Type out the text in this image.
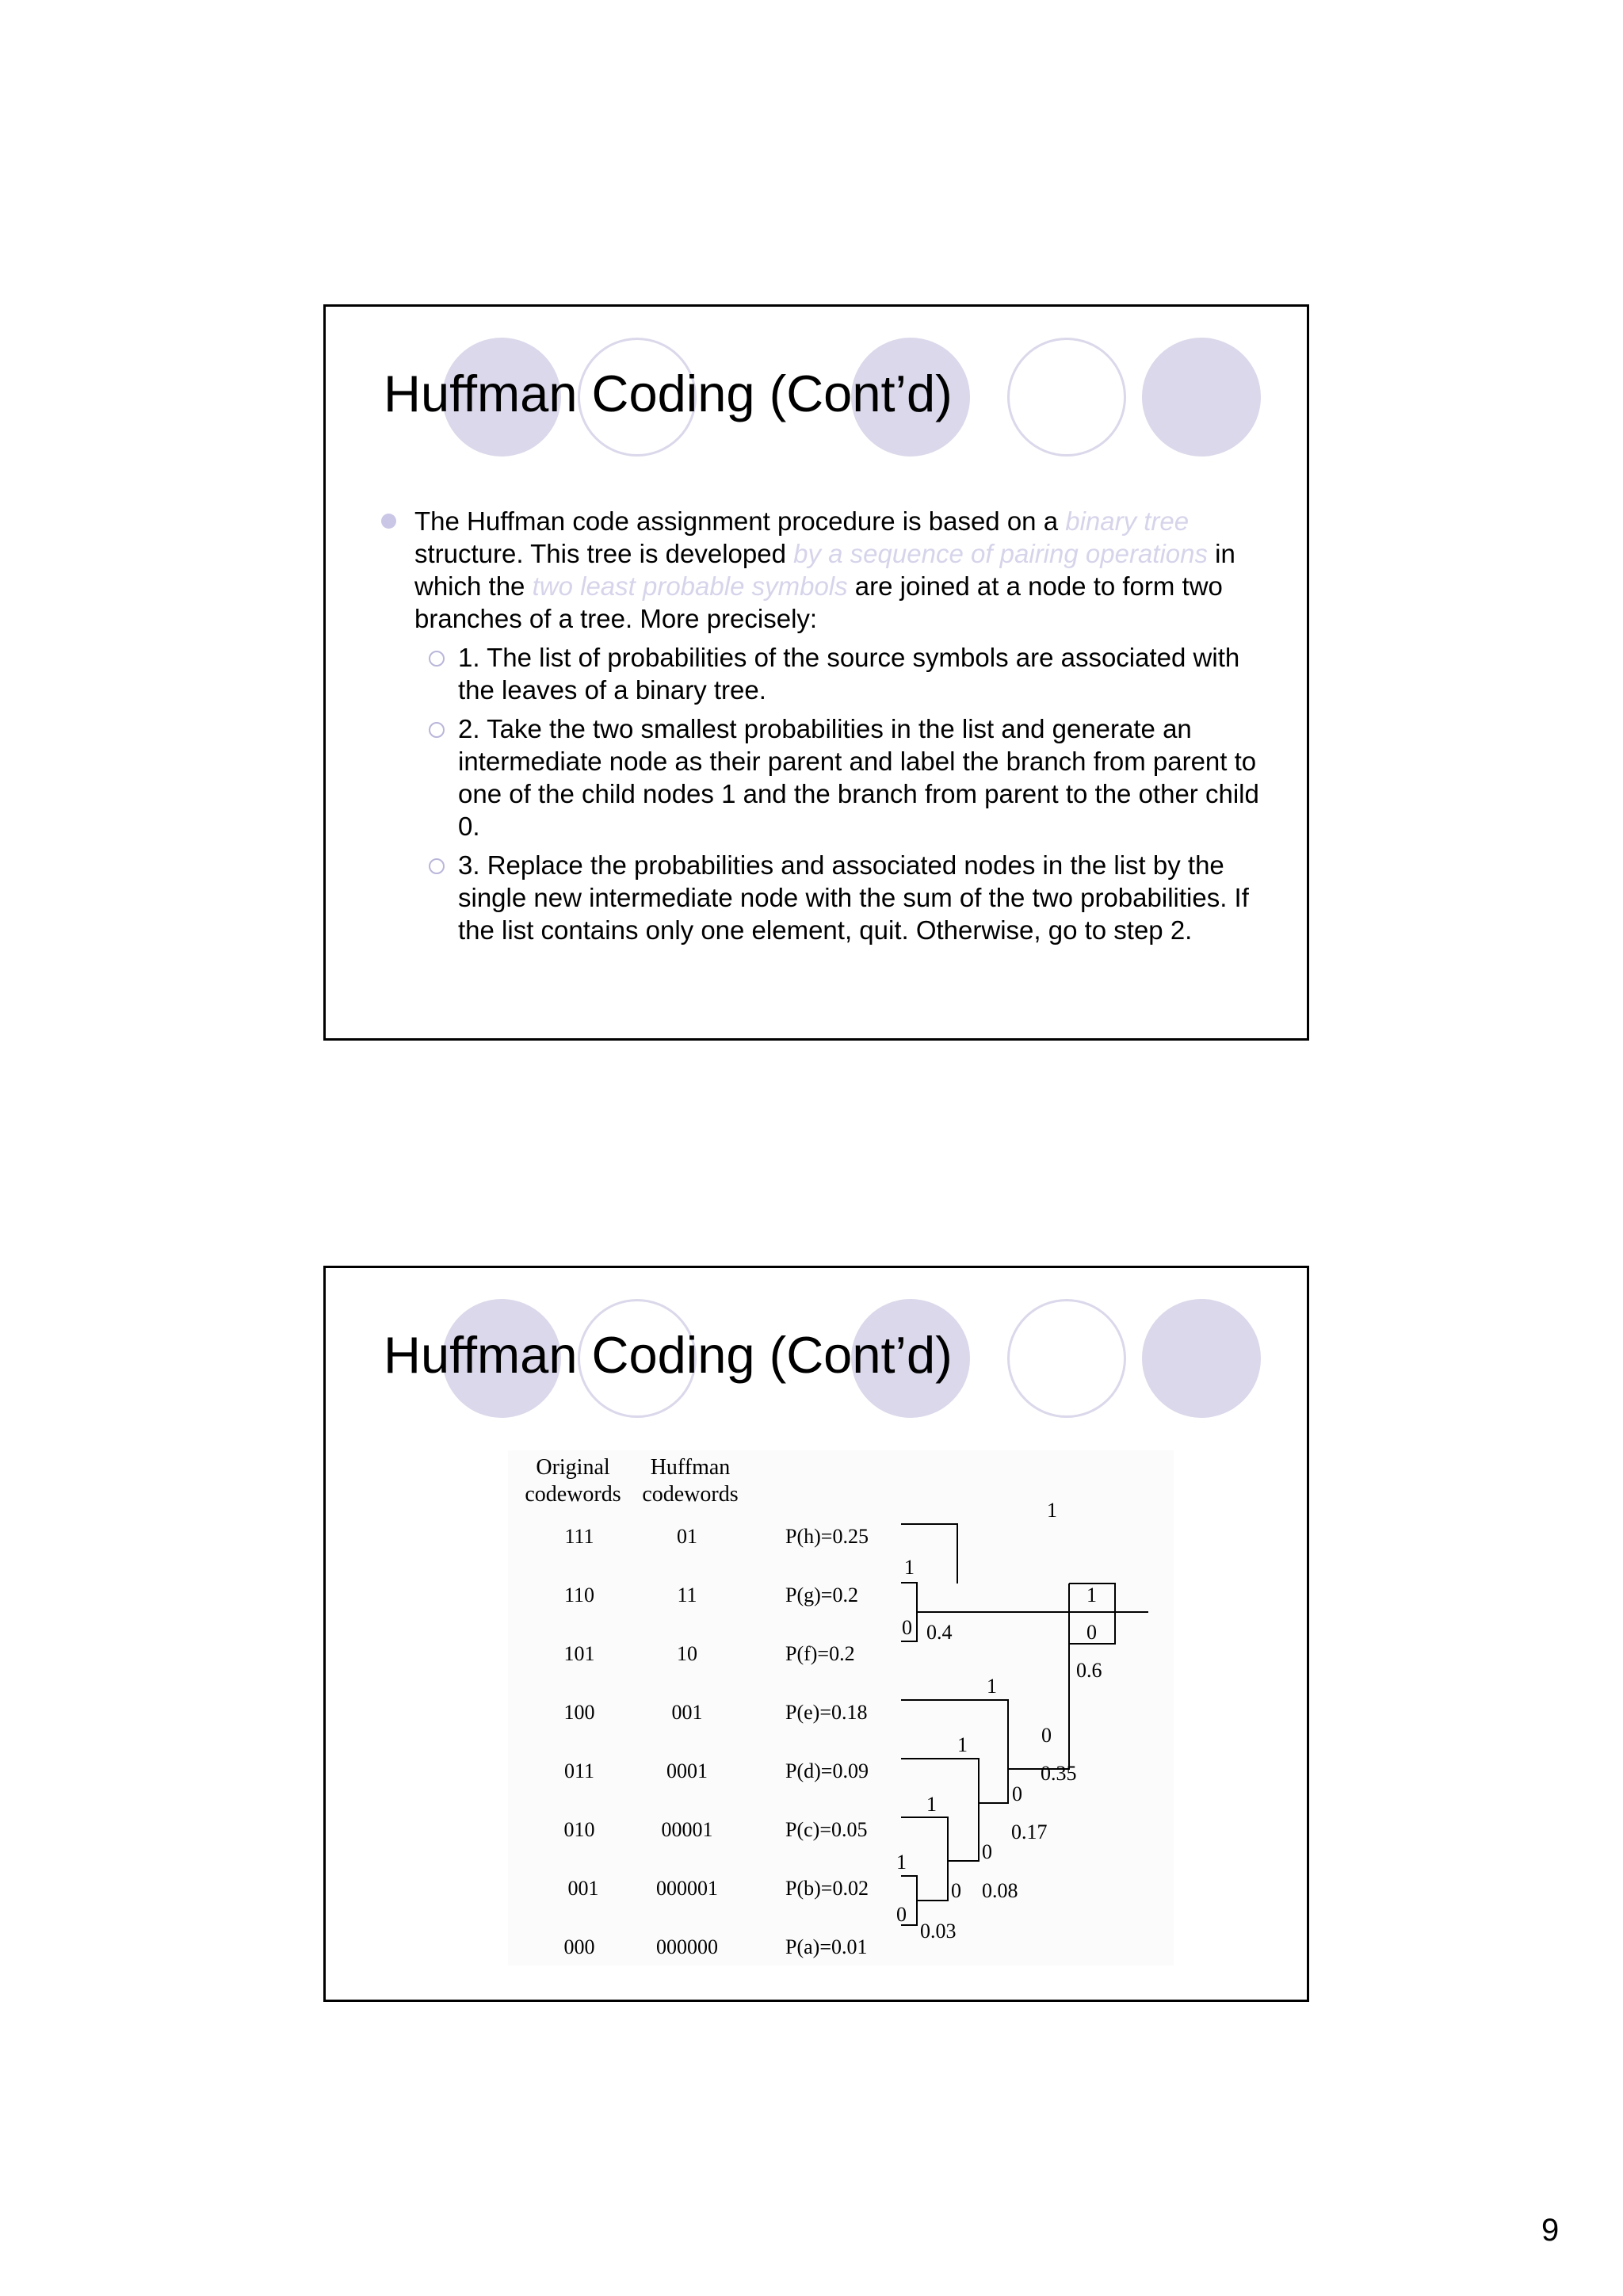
Huffman Coding (Cont’d)
The Huffman code assignment procedure is based on a binary tree structure. This tree is developed by a sequence of pairing operations in which the two least probable symbols are joined at a node to form two branches of a tree. More precisely:
1. The list of probabilities of the source symbols are associated with the leaves of a binary tree.
2. Take the two smallest probabilities in the list and generate an intermediate node as their parent and label the branch from parent to one of the child nodes 1 and the branch from parent to the other child 0.
3. Replace the probabilities and associated nodes in the list by the single new intermediate node with the sum of the two probabilities. If the list contains only one element, quit. Otherwise, go to step 2.
Huffman Coding (Cont’d)
Original
codewords
Huffman
codewords
111	01	P(h)=0.25
110	11	P(g)=0.2
101	10	P(f)=0.2
100	001	P(e)=0.18
011	0001	P(d)=0.09
010	00001	P(c)=0.05
001	000001	P(b)=0.02
000	000000	P(a)=0.01
1
1
1
0 0.4	0
0.6
1
0
1
0.35
0
1
0.17
0
1
0 0.08
0
0.03
9
